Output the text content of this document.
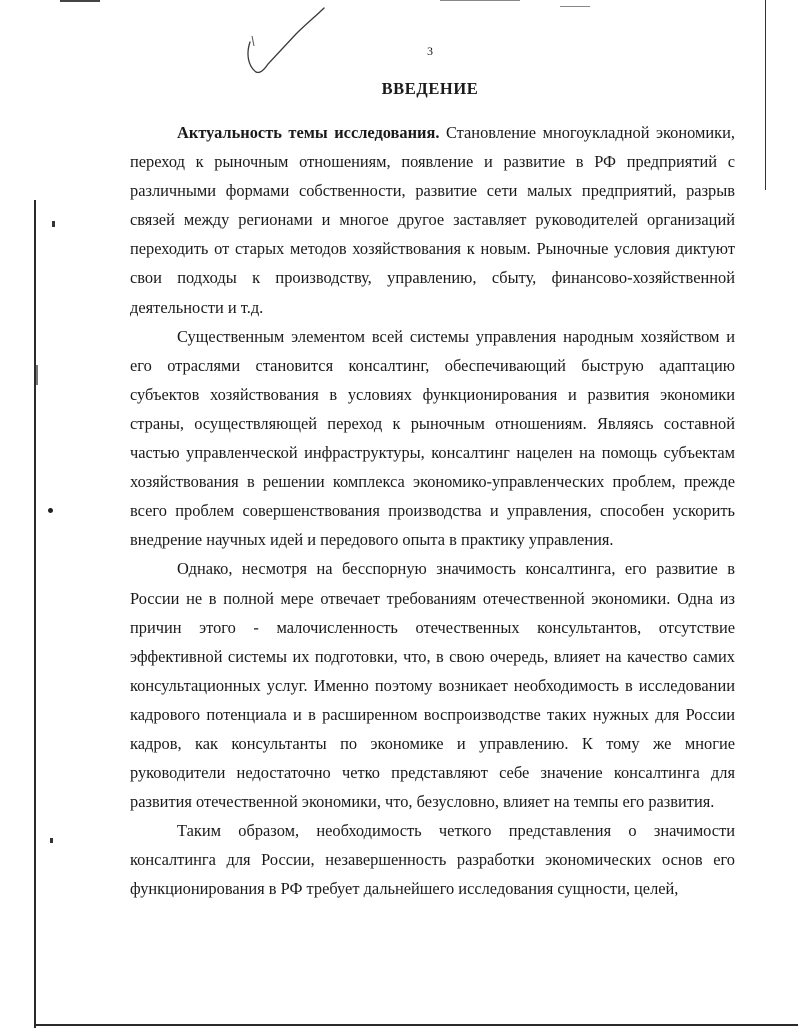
3
ВВЕДЕНИЕ

Актуальность темы исследования. Становление многоукладной экономики, переход к рыночным отношениям, появление и развитие в РФ предприятий с различными формами собственности, развитие сети малых предприятий, разрыв связей между регионами и многое другое заставляет руководителей организаций переходить от старых методов хозяйствования к новым. Рыночные условия диктуют свои подходы к производству, управлению, сбыту, финансово-хозяйственной деятельности и т.д.

Существенным элементом всей системы управления народным хозяйством и его отраслями становится консалтинг, обеспечивающий быструю адаптацию субъектов хозяйствования в условиях функционирования и развития экономики страны, осуществляющей переход к рыночным отношениям. Являясь составной частью управленческой инфраструктуры, консалтинг нацелен на помощь субъектам хозяйствования в решении комплекса экономико-управленческих проблем, прежде всего проблем совершенствования производства и управления, способен ускорить внедрение научных идей и передового опыта в практику управления.

Однако, несмотря на бесспорную значимость консалтинга, его развитие в России не в полной мере отвечает требованиям отечественной экономики. Одна из причин этого - малочисленность отечественных консультантов, отсутствие эффективной системы их подготовки, что, в свою очередь, влияет на качество самих консультационных услуг. Именно поэтому возникает необходимость в исследовании кадрового потенциала и в расширенном воспроизводстве таких нужных для России кадров, как консультанты по экономике и управлению. К тому же многие руководители недостаточно четко представляют себе значение консалтинга для развития отечественной экономики, что, безусловно, влияет на темпы его развития.

Таким образом, необходимость четкого представления о значимости консалтинга для России, незавершенность разработки экономических основ его функционирования в РФ требует дальнейшего исследования сущности, целей,
